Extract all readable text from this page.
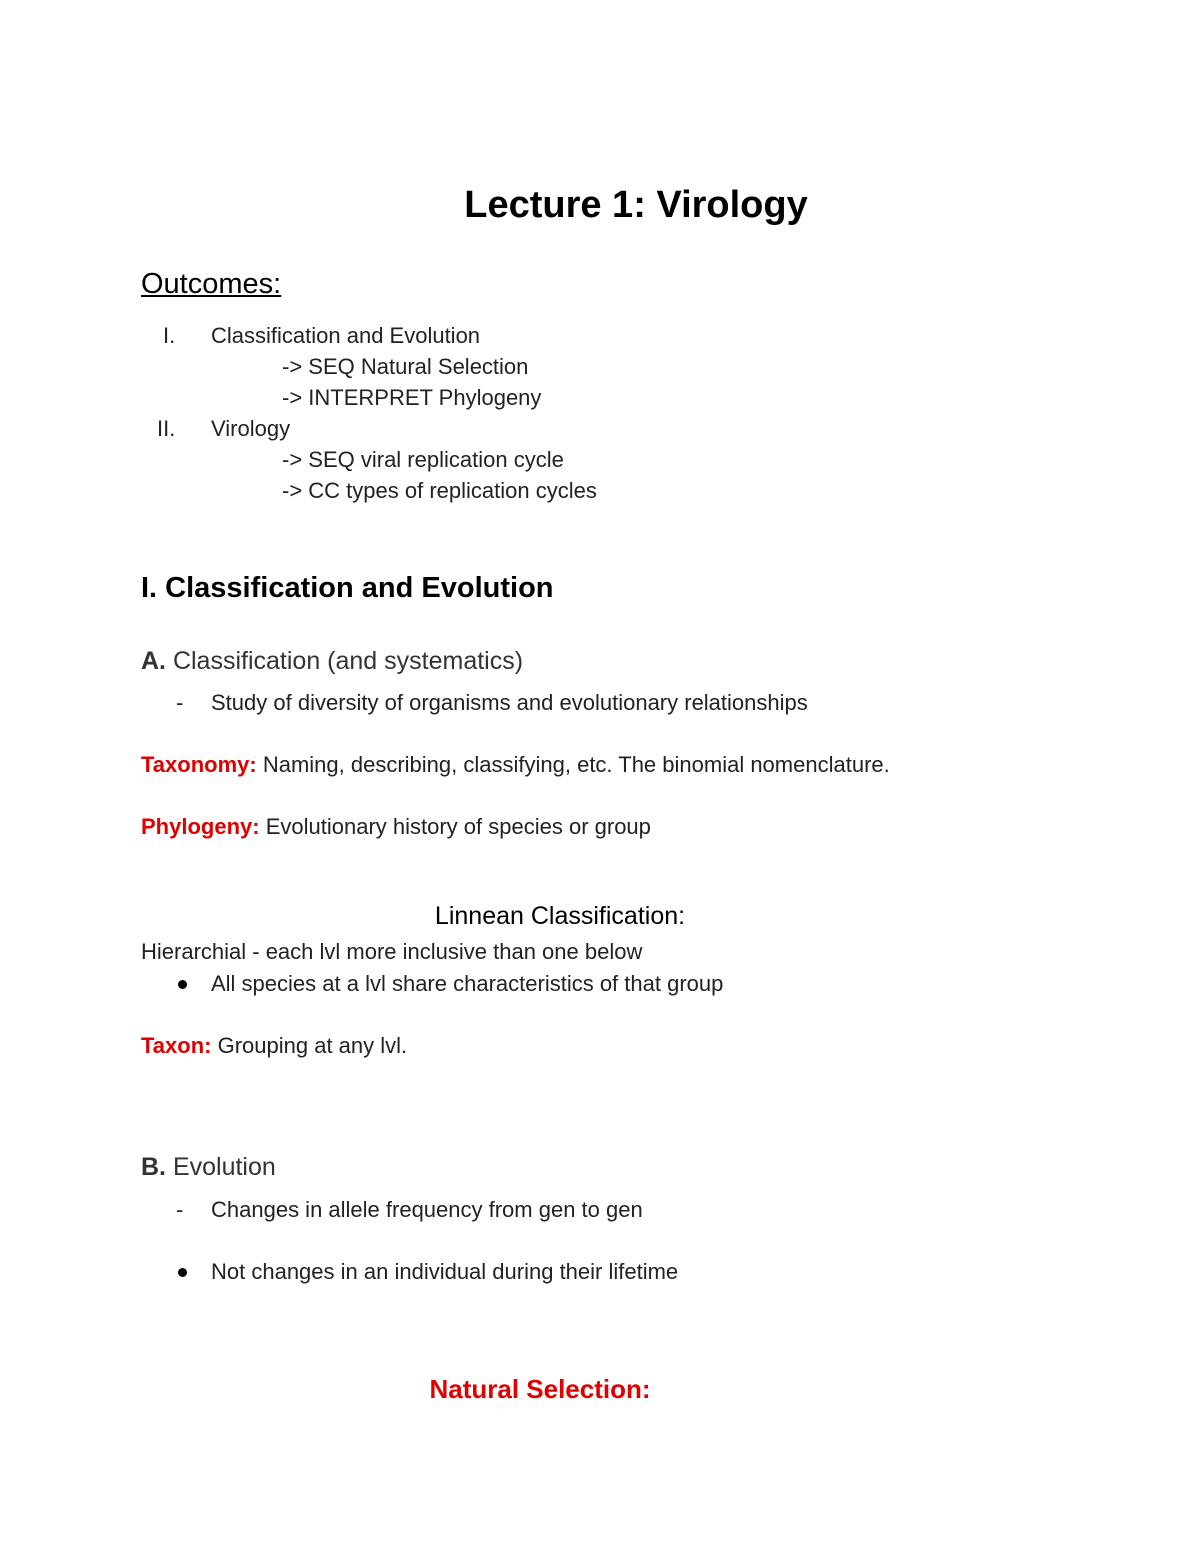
Lecture 1: Virology
Outcomes:
I. Classification and Evolution
-> SEQ Natural Selection
-> INTERPRET Phylogeny
II. Virology
-> SEQ viral replication cycle
-> CC types of replication cycles
I. Classification and Evolution
A. Classification (and systematics)
- Study of diversity of organisms and evolutionary relationships
Taxonomy: Naming, describing, classifying, etc. The binomial nomenclature.
Phylogeny: Evolutionary history of species or group
Linnean Classification:
Hierarchial - each lvl more inclusive than one below
All species at a lvl share characteristics of that group
Taxon: Grouping at any lvl.
B. Evolution
- Changes in allele frequency from gen to gen
Not changes in an individual during their lifetime
Natural Selection:
